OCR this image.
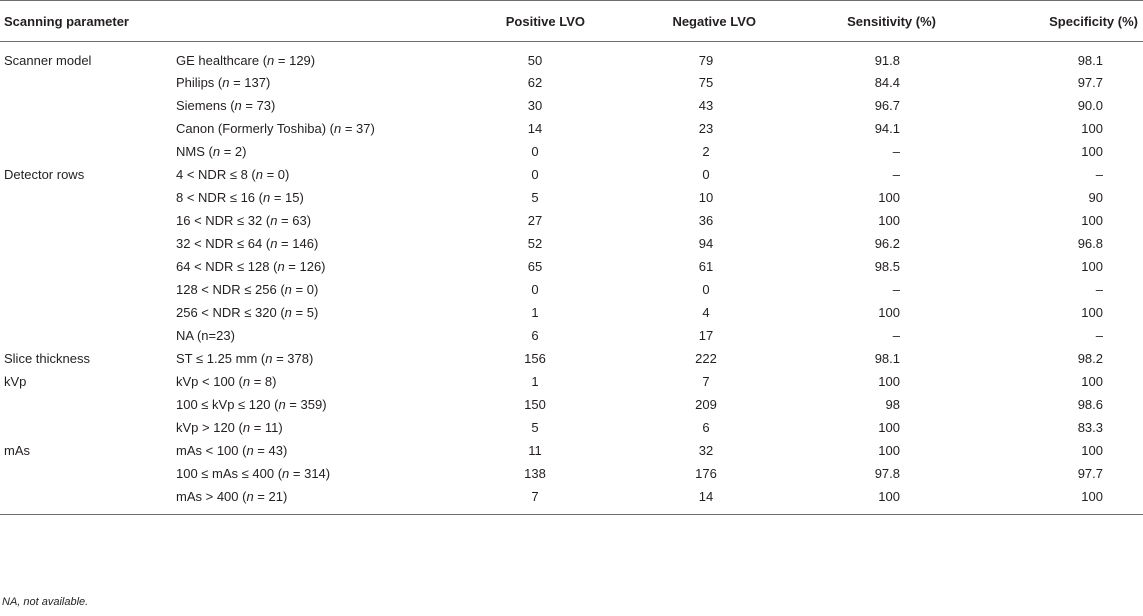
Scanning parameter		Positive LVO	Negative LVO	Sensitivity (%)	Specificity (%)
Scanner model	GE healthcare (n = 129)	50	79	91.8	98.1
	Philips (n = 137)	62	75	84.4	97.7
	Siemens (n = 73)	30	43	96.7	90.0
	Canon (Formerly Toshiba) (n = 37)	14	23	94.1	100
	NMS (n = 2)	0	2	–	100
Detector rows	4 < NDR ≤ 8 (n = 0)	0	0	–	–
	8 < NDR ≤ 16 (n = 15)	5	10	100	90
	16 < NDR ≤ 32 (n = 63)	27	36	100	100
	32 < NDR ≤ 64 (n = 146)	52	94	96.2	96.8
	64 < NDR ≤ 128 (n = 126)	65	61	98.5	100
	128 < NDR ≤ 256 (n = 0)	0	0	–	–
	256 < NDR ≤ 320 (n = 5)	1	4	100	100
	NA (n=23)	6	17	–	–
Slice thickness	ST ≤ 1.25 mm (n = 378)	156	222	98.1	98.2
kVp	kVp < 100 (n = 8)	1	7	100	100
	100 ≤ kVp ≤ 120 (n = 359)	150	209	98	98.6
	kVp > 120 (n = 11)	5	6	100	83.3
mAs	mAs < 100 (n = 43)	11	32	100	100
	100 ≤ mAs ≤ 400 (n = 314)	138	176	97.8	97.7
	mAs > 400 (n = 21)	7	14	100	100
NA, not available.
